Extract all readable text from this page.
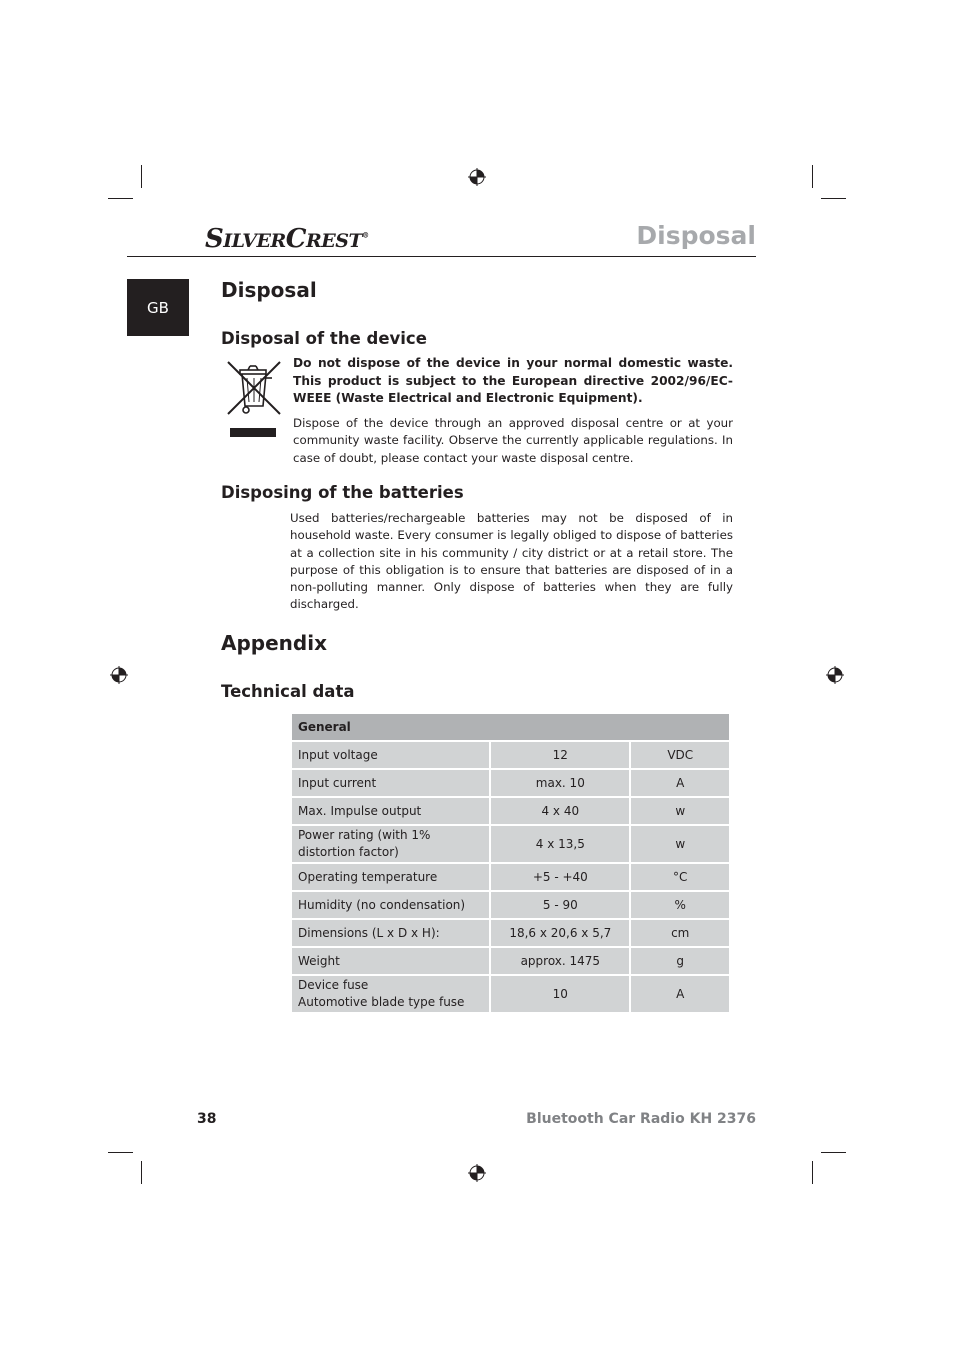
SILVERCREST®	Disposal
GB
Disposal
Disposal of the device

Do not dispose of the device in your normal domestic waste. This product is subject to the European directive 2002/96/EC-WEEE (Waste Electrical and Electronic Equipment).

Dispose of the device through an approved disposal centre or at your community waste facility. Observe the currently applicable regulations. In case of doubt, please contact your waste disposal centre.

Disposing of the batteries

Used batteries/rechargeable batteries may not be disposed of in household waste. Every consumer is legally obliged to dispose of batteries at a collection site in his community / city district or at a retail store. The purpose of this obligation is to ensure that batteries are disposed of in a non-polluting manner. Only dispose of batteries when they are fully discharged.

Appendix
Technical data
General		
Input voltage	12	VDC
Input current	max. 10	A
Max. Impulse output	4 x 40	w
Power rating (with 1% distortion factor)	4 x 13,5	w
Operating temperature	+5 - +40	°C
Humidity (no condensation)	5 - 90	%
Dimensions (L x D x H):	18,6 x 20,6 x 5,7	cm
Weight	approx. 1475	g

Device fuse
Automotive blade type fuse	10	A
38	Bluetooth Car Radio KH 2376
